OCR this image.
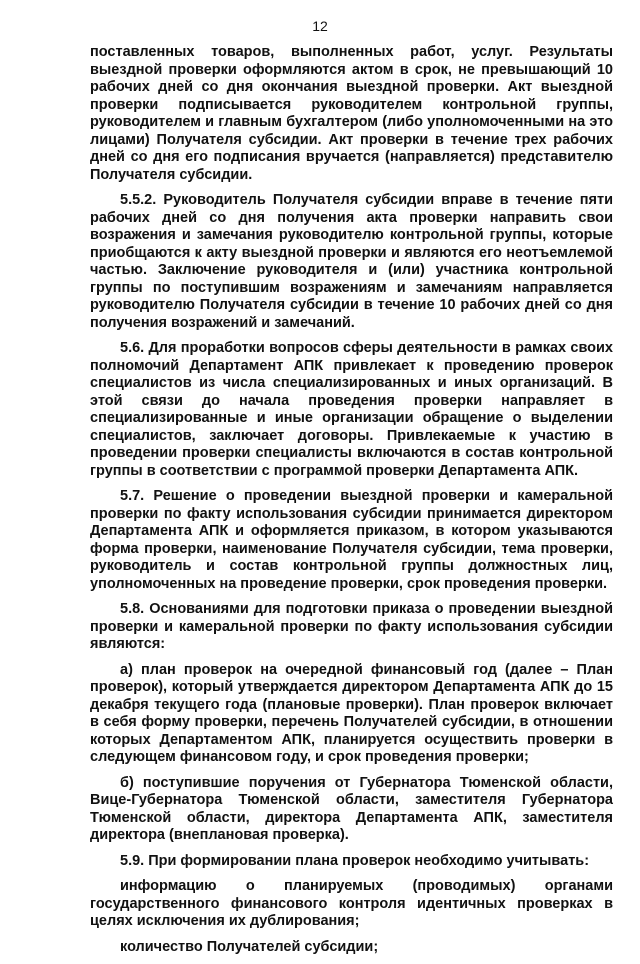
12

поставленных товаров, выполненных работ, услуг. Результаты выездной проверки оформляются актом в срок, не превышающий 10 рабочих дней со дня окончания выездной проверки. Акт выездной проверки подписывается руководителем контрольной группы, руководителем и главным бухгалтером (либо уполномоченными на это лицами) Получателя субсидии. Акт проверки в течение трех рабочих дней со дня его подписания вручается (направляется) представителю Получателя субсидии.

5.5.2. Руководитель Получателя субсидии вправе в течение пяти рабочих дней со дня получения акта проверки направить свои возражения и замечания руководителю контрольной группы, которые приобщаются к акту выездной проверки и являются его неотъемлемой частью. Заключение руководителя и (или) участника контрольной группы по поступившим возражениям и замечаниям направляется руководителю Получателя субсидии в течение 10 рабочих дней со дня получения возражений и замечаний.

5.6. Для проработки вопросов сферы деятельности в рамках своих полномочий Департамент АПК привлекает к проведению проверок специалистов из числа специализированных и иных организаций. В этой связи до начала проведения проверки направляет в специализированные и иные организации обращение о выделении специалистов, заключает договоры. Привлекаемые к участию в проведении проверки специалисты включаются в состав контрольной группы в соответствии с программой проверки Департамента АПК.

5.7. Решение о проведении выездной проверки и камеральной проверки по факту использования субсидии принимается директором Департамента АПК и оформляется приказом, в котором указываются форма проверки, наименование Получателя субсидии, тема проверки, руководитель и состав контрольной группы должностных лиц, уполномоченных на проведение проверки, срок проведения проверки.

5.8. Основаниями для подготовки приказа о проведении выездной проверки и камеральной проверки по факту использования субсидии являются:

а) план проверок на очередной финансовый год (далее – План проверок), который утверждается директором Департамента АПК до 15 декабря текущего года (плановые проверки). План проверок включает в себя форму проверки, перечень Получателей субсидии, в отношении которых Департаментом АПК, планируется осуществить проверки в следующем финансовом году, и срок проведения проверки;

б) поступившие поручения от Губернатора Тюменской области, Вице-Губернатора Тюменской области, заместителя Губернатора Тюменской области, директора Департамента АПК, заместителя директора (внеплановая проверка).

5.9. При формировании плана проверок необходимо учитывать:

информацию о планируемых (проводимых) органами государственного финансового контроля идентичных проверках в целях исключения их дублирования;

количество Получателей субсидии;
